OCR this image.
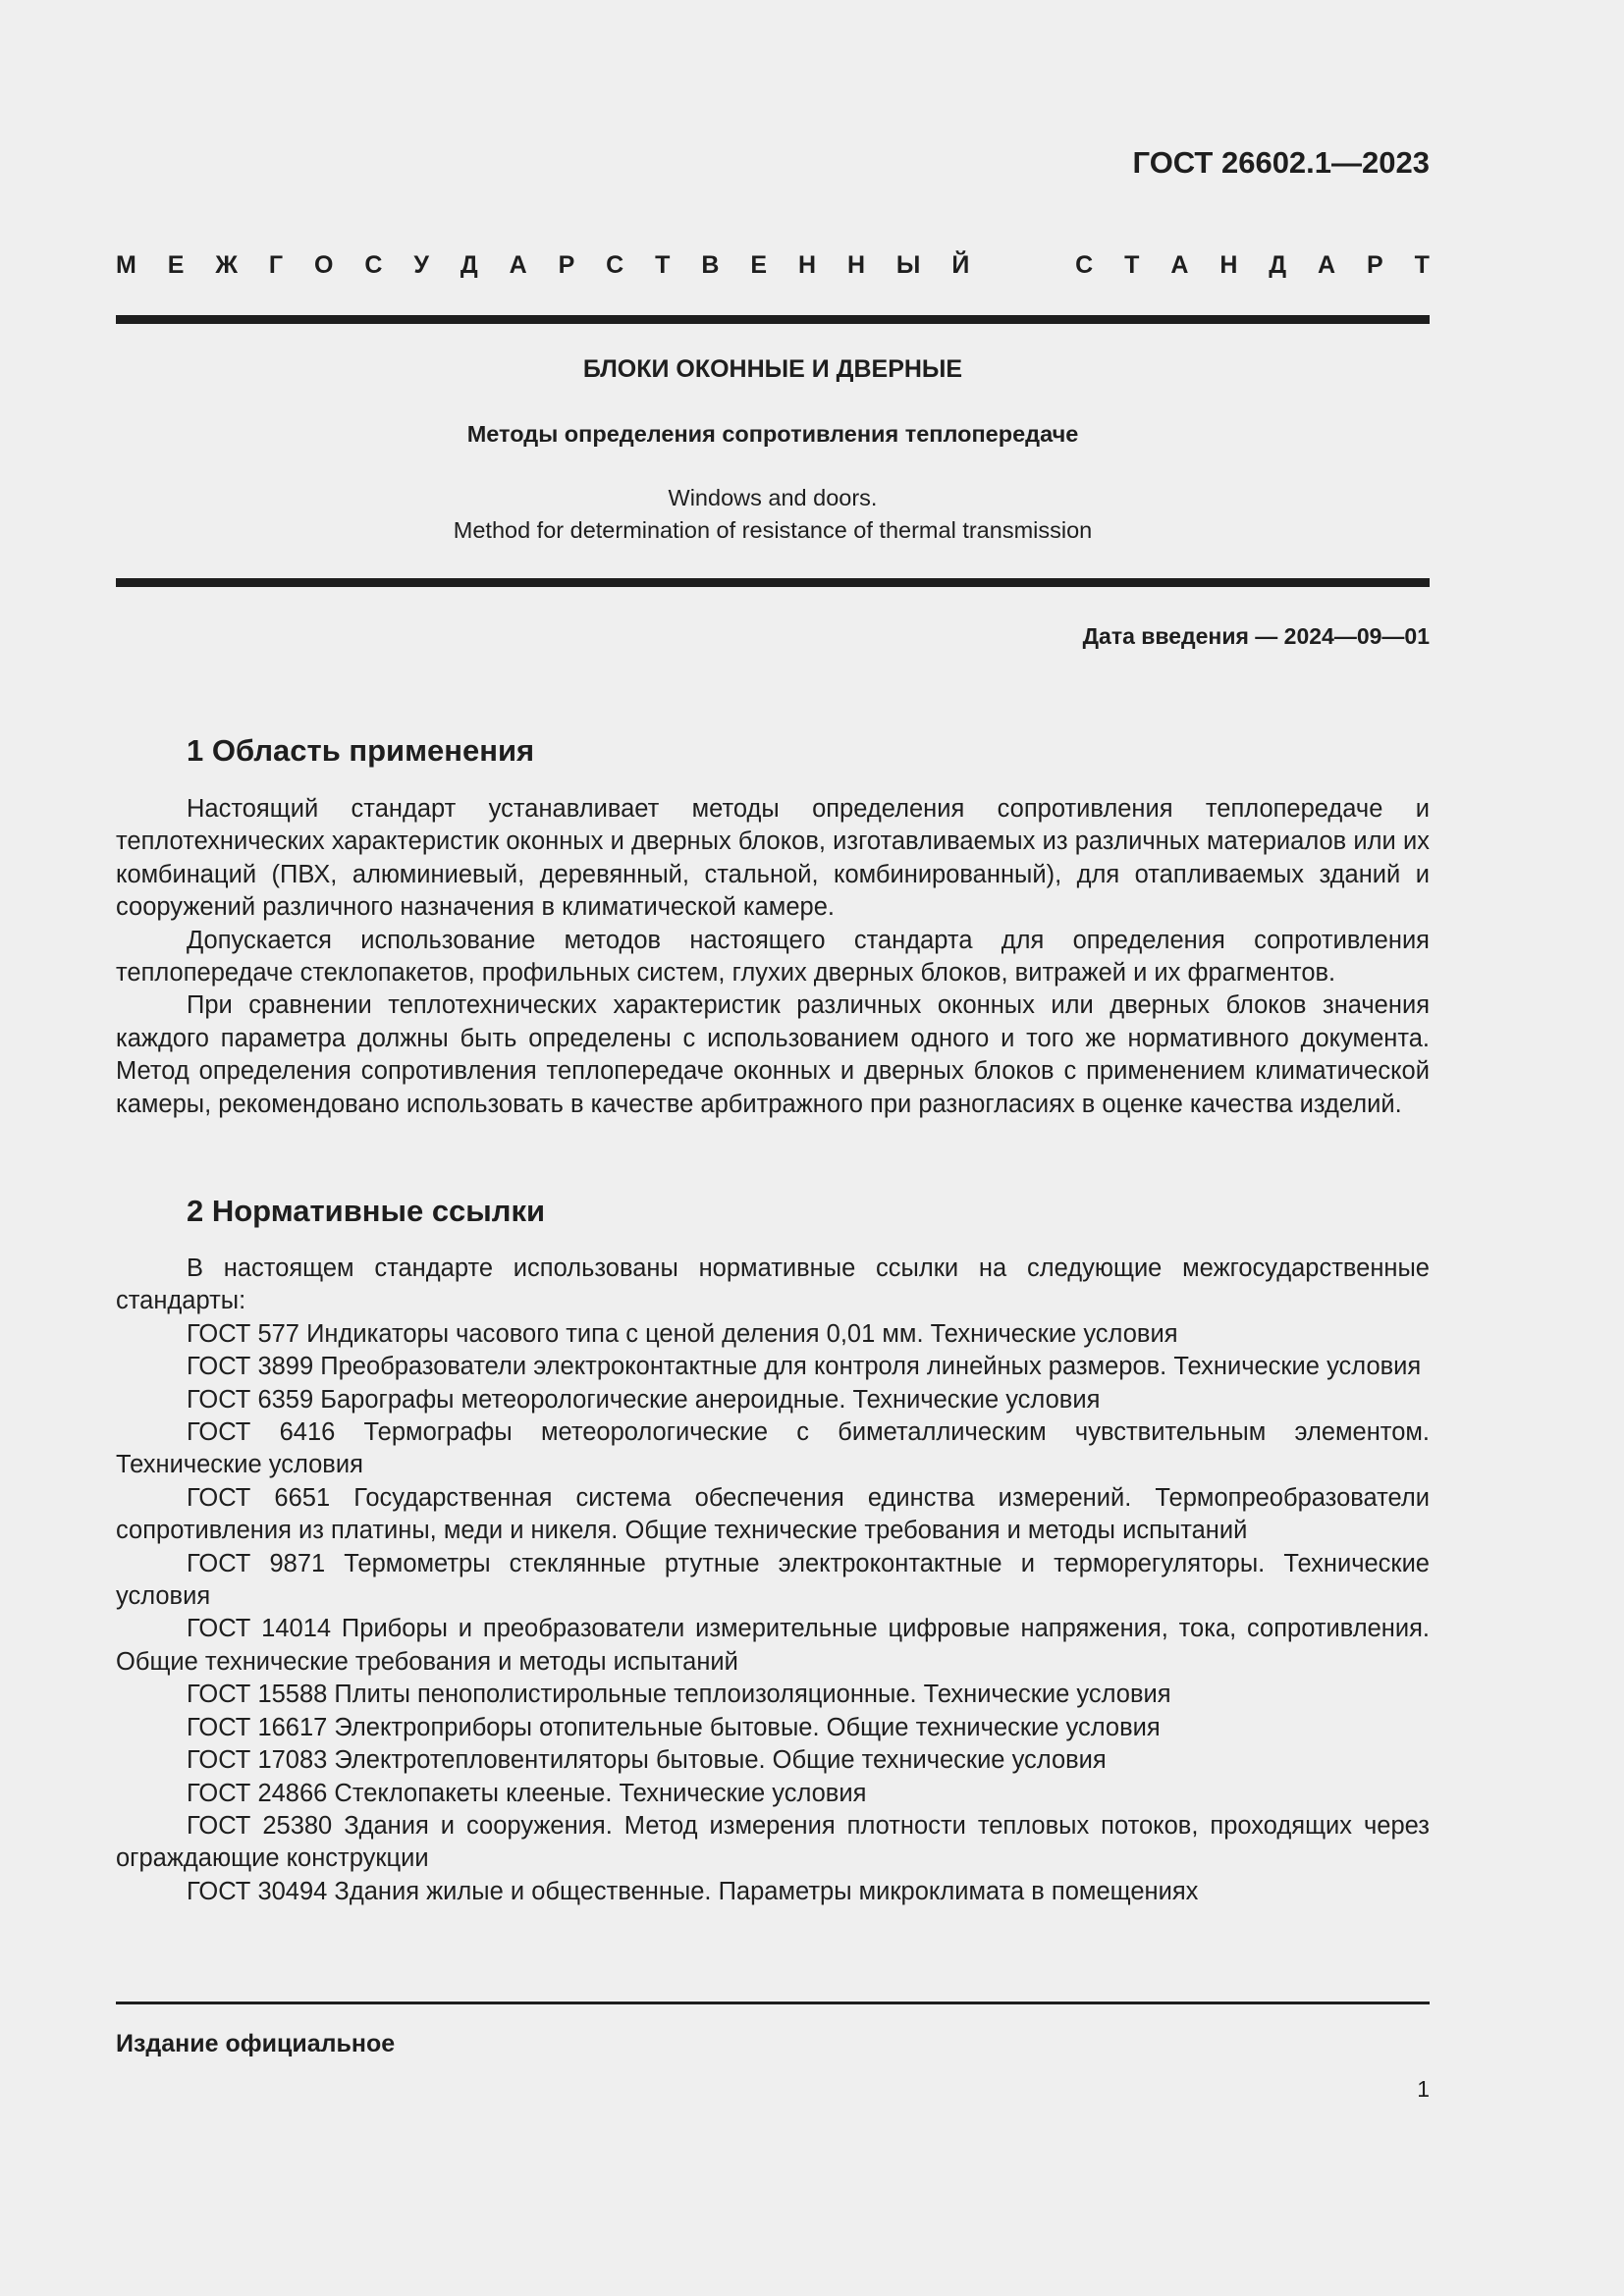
ГОСТ 26602.1—2023
М Е Ж Г О С У Д А Р С Т В Е Н Н Ы Й	С Т А Н Д А Р Т
БЛОКИ ОКОННЫЕ И ДВЕРНЫЕ
Методы определения сопротивления теплопередаче
Windows and doors.
Method for determination of resistance of thermal transmission
Дата введения — 2024—09—01
1 Область применения

Настоящий стандарт устанавливает методы определения сопротивления теплопередаче и теплотехнических характеристик оконных и дверных блоков, изготавливаемых из различных материалов или их комбинаций (ПВХ, алюминиевый, деревянный, стальной, комбинированный), для отапливаемых зданий и сооружений различного назначения в климатической камере.

Допускается использование методов настоящего стандарта для определения сопротивления теплопередаче стеклопакетов, профильных систем, глухих дверных блоков, витражей и их фрагментов.

При сравнении теплотехнических характеристик различных оконных или дверных блоков значения каждого параметра должны быть определены с использованием одного и того же нормативного документа. Метод определения сопротивления теплопередаче оконных и дверных блоков с применением климатической камеры, рекомендовано использовать в качестве арбитражного при разногласиях в оценке качества изделий.

2 Нормативные ссылки

В настоящем стандарте использованы нормативные ссылки на следующие межгосударственные стандарты:

ГОСТ 577 Индикаторы часового типа с ценой деления 0,01 мм. Технические условия

ГОСТ 3899 Преобразователи электроконтактные для контроля линейных размеров. Технические условия

ГОСТ 6359 Барографы метеорологические анероидные. Технические условия

ГОСТ 6416 Термографы метеорологические с биметаллическим чувствительным элементом. Технические условия

ГОСТ 6651 Государственная система обеспечения единства измерений. Термопреобразователи сопротивления из платины, меди и никеля. Общие технические требования и методы испытаний

ГОСТ 9871 Термометры стеклянные ртутные электроконтактные и терморегуляторы. Технические условия

ГОСТ 14014 Приборы и преобразователи измерительные цифровые напряжения, тока, сопротивления. Общие технические требования и методы испытаний

ГОСТ 15588 Плиты пенополистирольные теплоизоляционные. Технические условия

ГОСТ 16617 Электроприборы отопительные бытовые. Общие технические условия

ГОСТ 17083 Электротепловентиляторы бытовые. Общие технические условия

ГОСТ 24866 Стеклопакеты клееные. Технические условия

ГОСТ 25380 Здания и сооружения. Метод измерения плотности тепловых потоков, проходящих через ограждающие конструкции

ГОСТ 30494 Здания жилые и общественные. Параметры микроклимата в помещениях

Издание официальное
1
